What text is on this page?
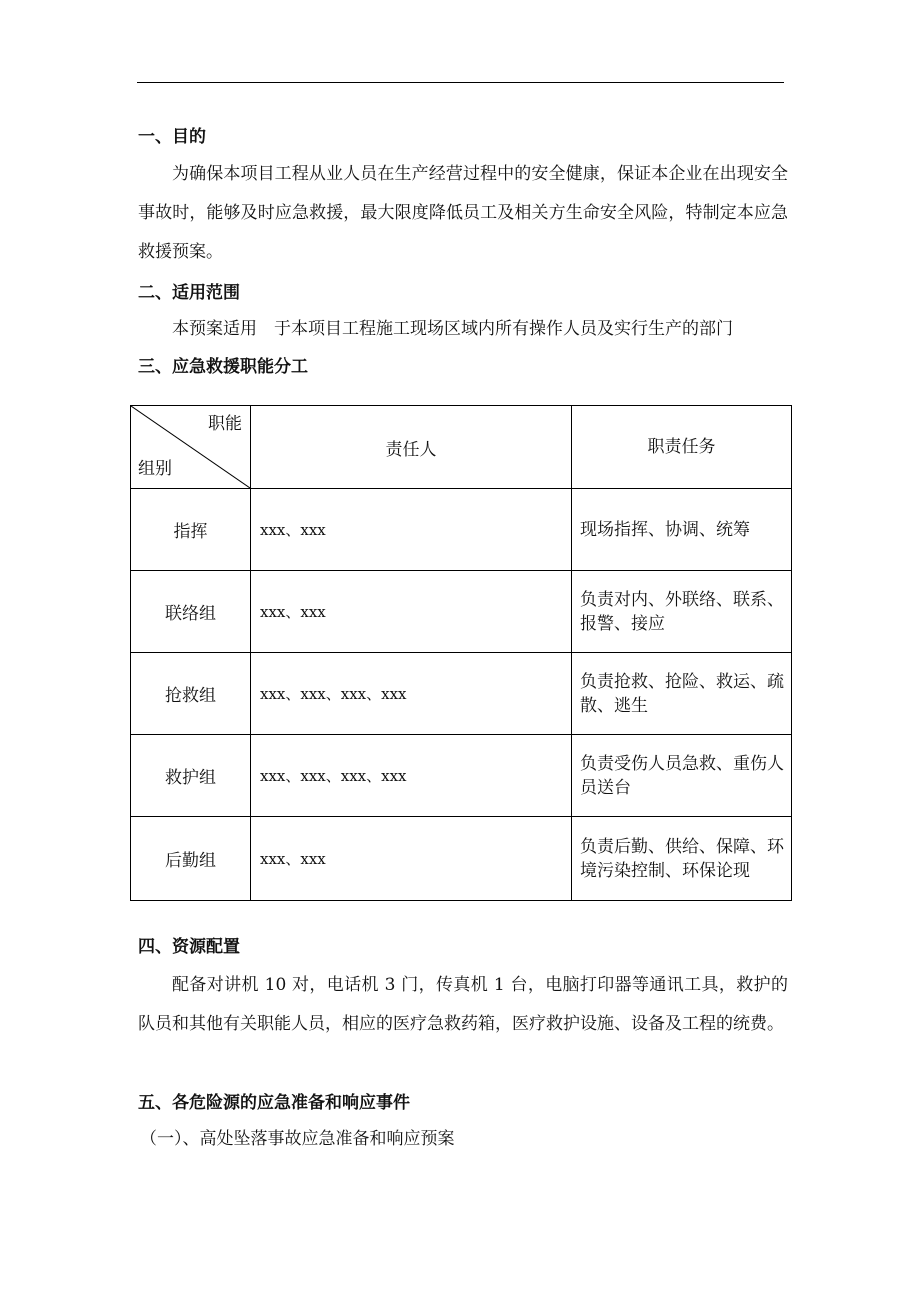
一、目的
为确保本项目工程从业人员在生产经营过程中的安全健康，保证本企业在出现安全事故时，能够及时应急救援，最大限度降低员工及相关方生命安全风险，特制定本应急救援预案。
二、适用范围
本预案适用　于本项目工程施工现场区域内所有操作人员及实行生产的部门
三、应急救援职能分工
职能
组别	责任人	职责任务
指挥	xxx、xxx	现场指挥、协调、统筹
联络组	xxx、xxx	负责对内、外联络、联系、报警、接应
抢救组	xxx、xxx、xxx、xxx	负责抢救、抢险、救运、疏散、逃生
救护组	xxx、xxx、xxx、xxx	负责受伤人员急救、重伤人员送台
后勤组	xxx、xxx	负责后勤、供给、保障、环境污染控制、环保论现
四、资源配置
配备对讲机 10 对，电话机 3 门，传真机 1 台，电脑打印器等通讯工具，救护的队员和其他有关职能人员，相应的医疗急救药箱，医疗救护设施、设备及工程的统费。
五、各危险源的应急准备和响应事件
（一）、高处坠落事故应急准备和响应预案
